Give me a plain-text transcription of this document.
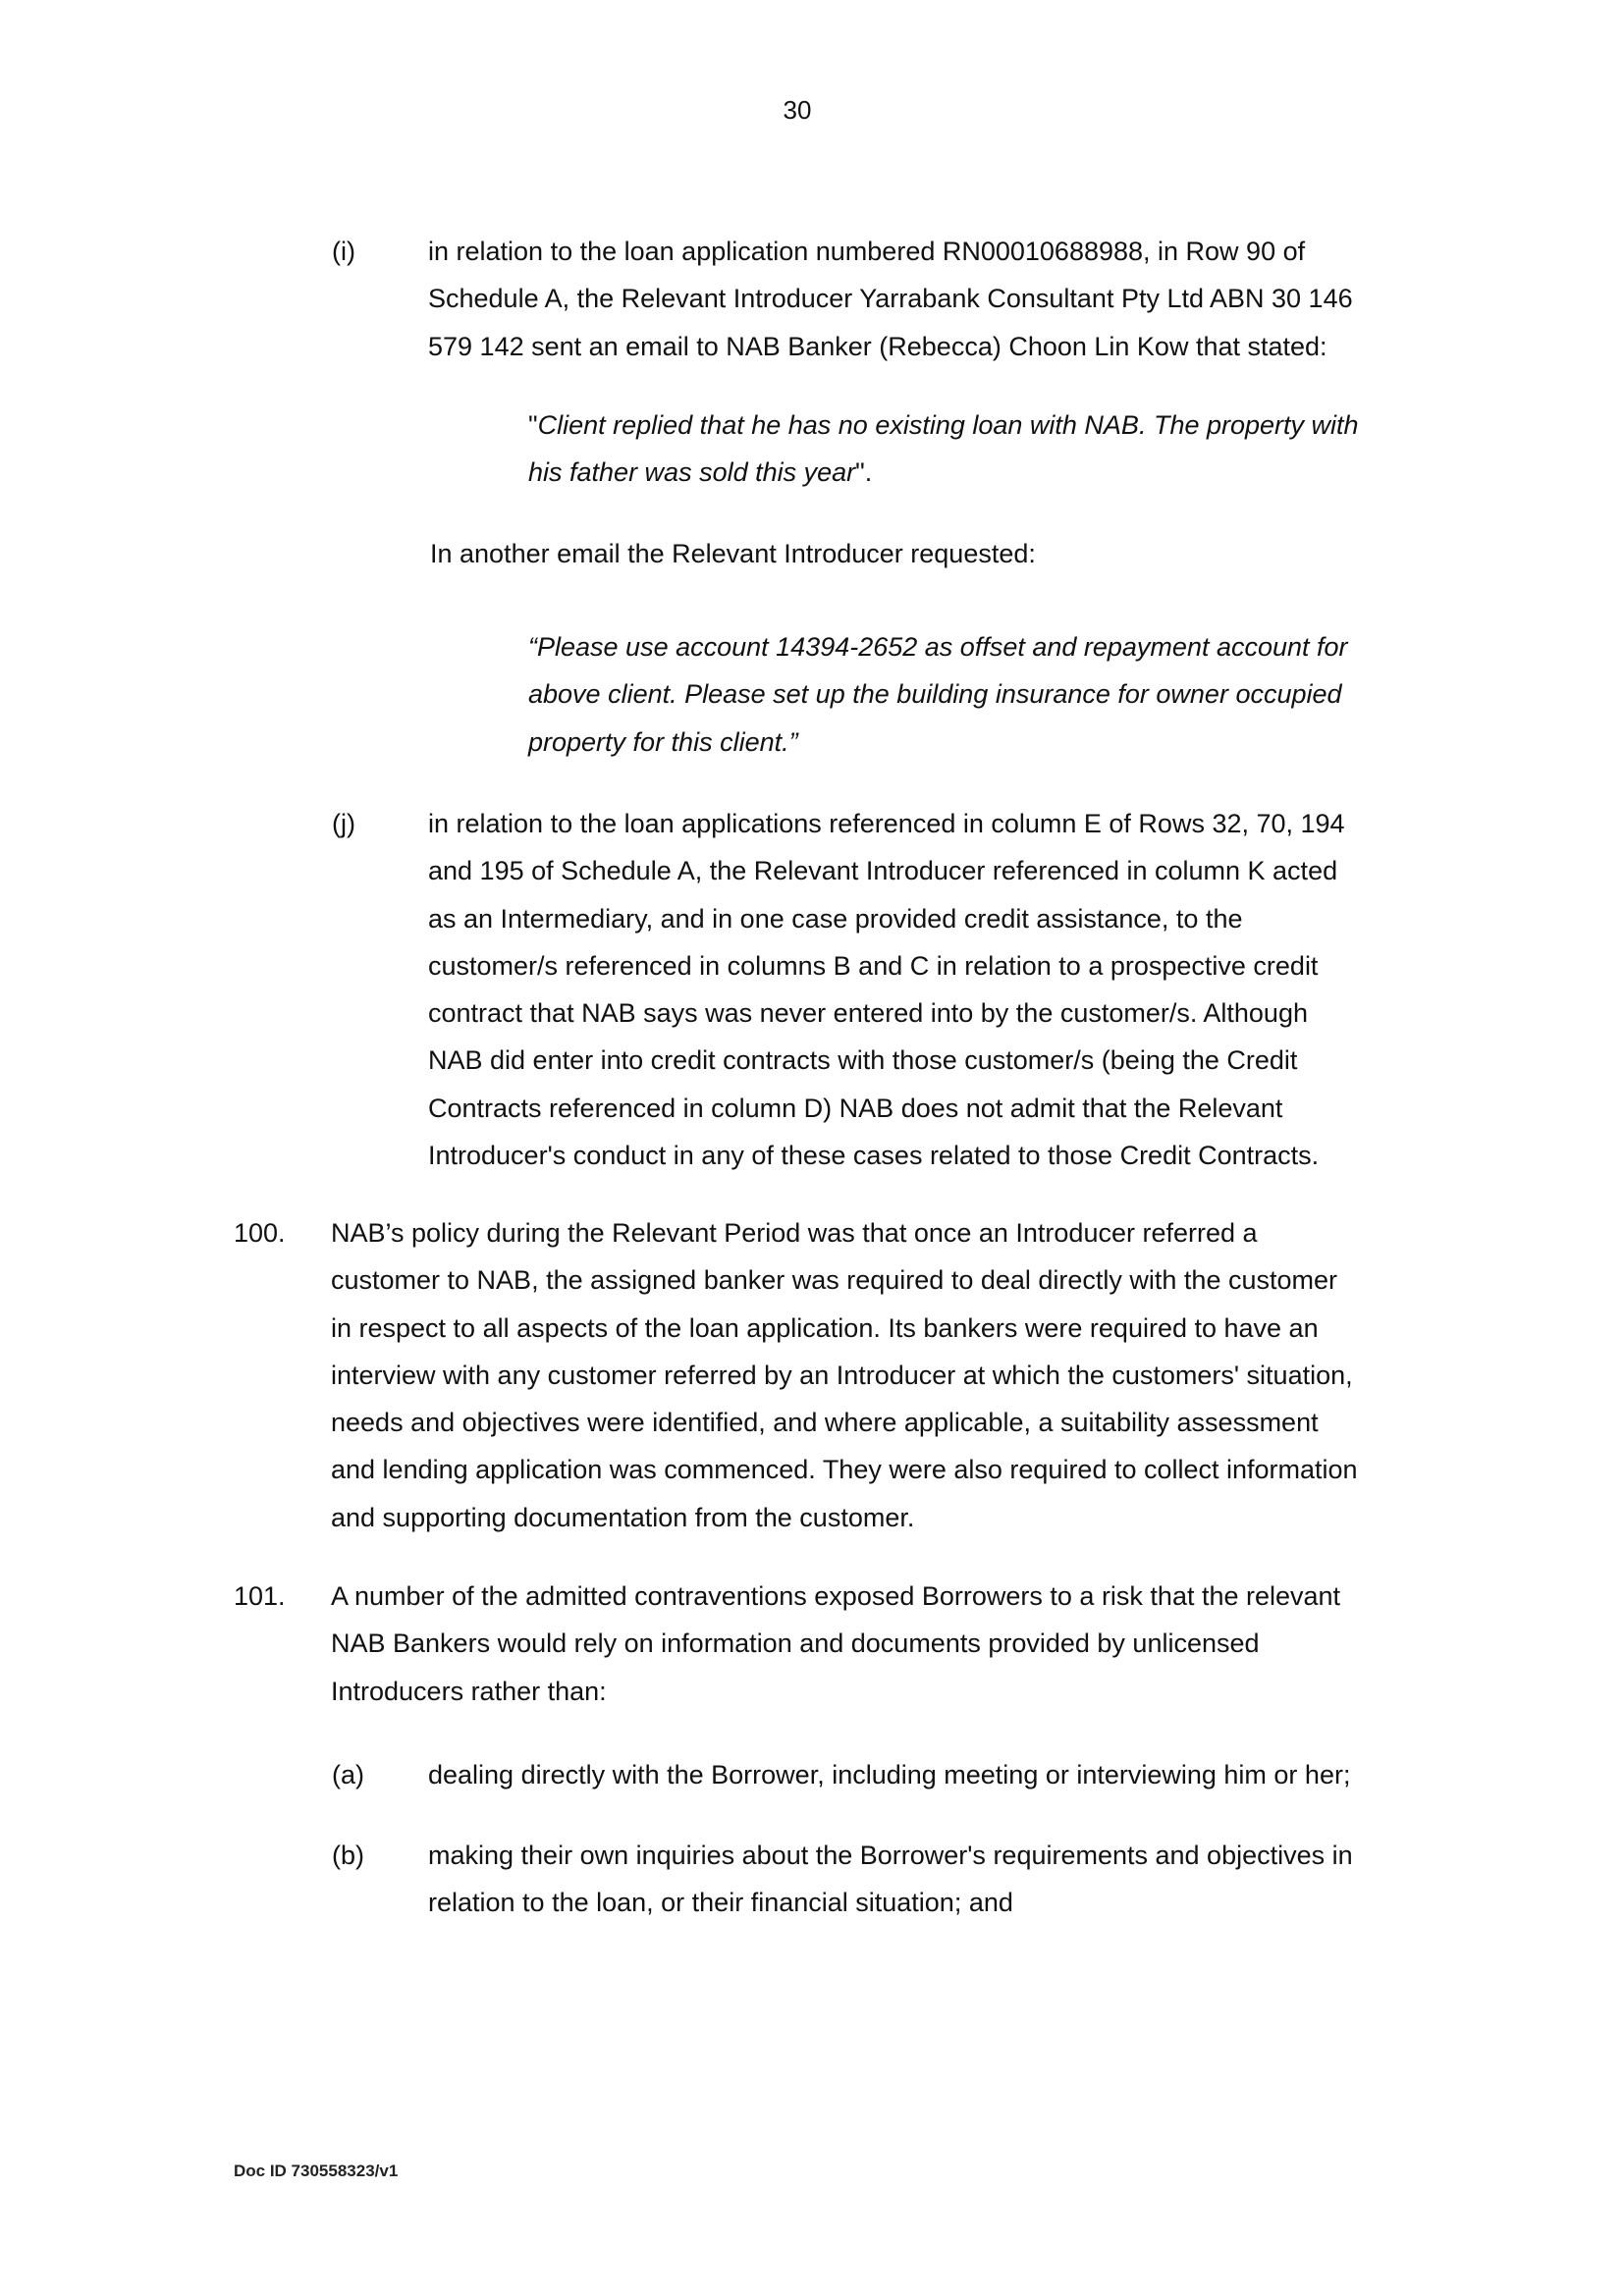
30
(i)	in relation to the loan application numbered RN00010688988, in Row 90 of
Schedule A, the Relevant Introducer Yarrabank Consultant Pty Ltd ABN 30 146
579 142 sent an email to NAB Banker (Rebecca) Choon Lin Kow that stated:
"Client replied that he has no existing loan with NAB. The property with
his father was sold this year".
In another email the Relevant Introducer requested:
“Please use account 14394-2652 as offset and repayment account for
above client. Please set up the building insurance for owner occupied
property for this client.”
(j)	in relation to the loan applications referenced in column E of Rows 32, 70, 194
and 195 of Schedule A, the Relevant Introducer referenced in column K acted
as an Intermediary, and in one case provided credit assistance, to the
customer/s referenced in columns B and C in relation to a prospective credit
contract that NAB says was never entered into by the customer/s. Although
NAB did enter into credit contracts with those customer/s (being the Credit
Contracts referenced in column D) NAB does not admit that the Relevant
Introducer's conduct in any of these cases related to those Credit Contracts.
100. NAB’s policy during the Relevant Period was that once an Introducer referred a
customer to NAB, the assigned banker was required to deal directly with the customer
in respect to all aspects of the loan application. Its bankers were required to have an
interview with any customer referred by an Introducer at which the customers' situation,
needs and objectives were identified, and where applicable, a suitability assessment
and lending application was commenced. They were also required to collect information
and supporting documentation from the customer.
101. A number of the admitted contraventions exposed Borrowers to a risk that the relevant
NAB Bankers would rely on information and documents provided by unlicensed
Introducers rather than:
(a) dealing directly with the Borrower, including meeting or interviewing him or her;
(b) making their own inquiries about the Borrower's requirements and objectives in
relation to the loan, or their financial situation; and
Doc ID 730558323/v1
